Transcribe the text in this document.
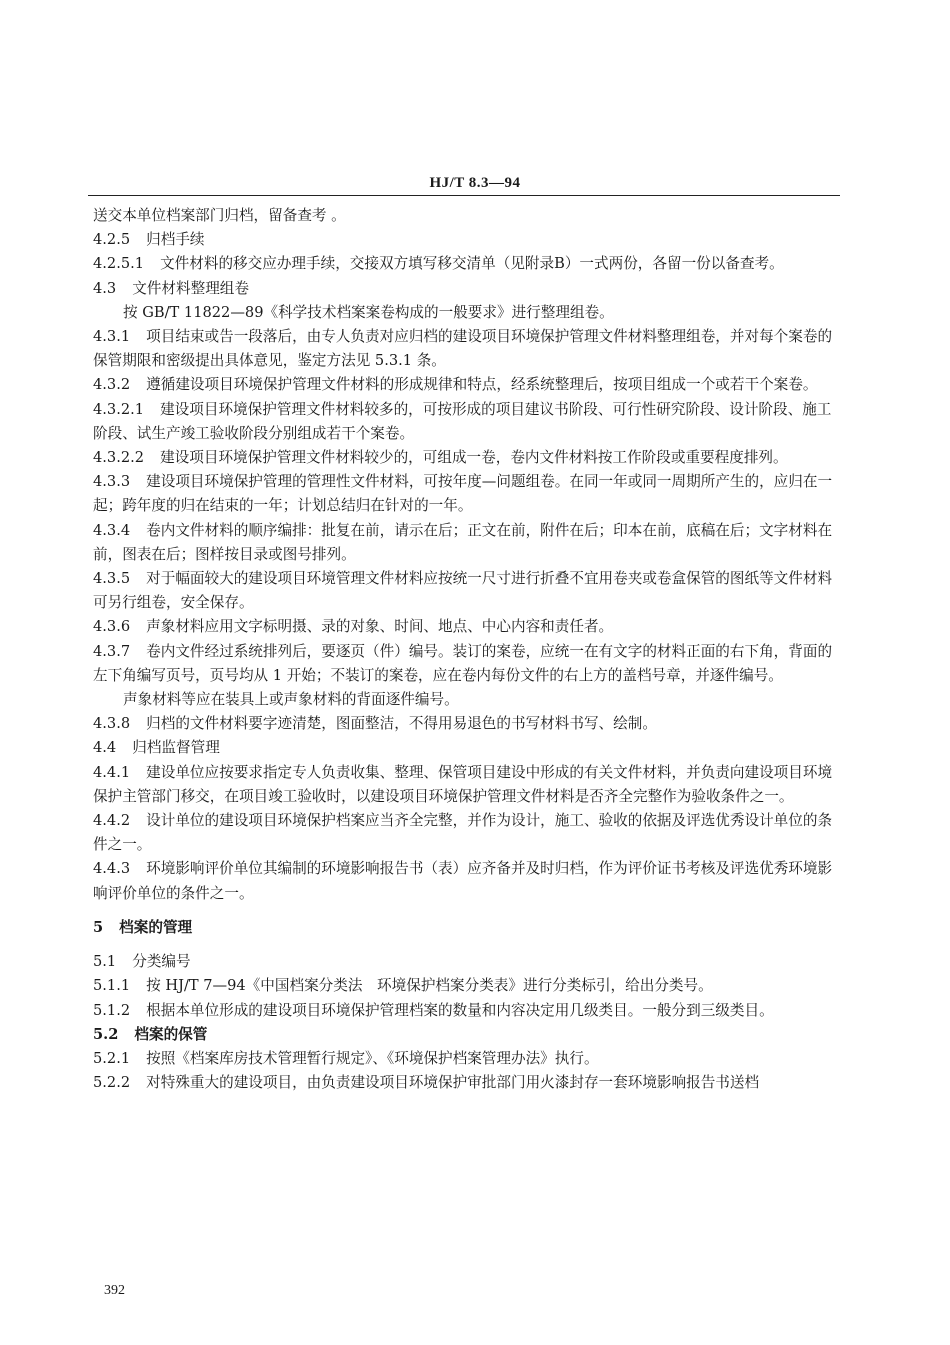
HJ/T 8.3—94

送交本单位档案部门归档，留备查考 。

4.2.5 归档手续

4.2.5.1 文件材料的移交应办理手续，交接双方填写移交清单（见附录B）一式两份，各留一份以备查考。

4.3 文件材料整理组卷

按 GB/T 11822—89《科学技术档案案卷构成的一般要求》进行整理组卷。

4.3.1 项目结束或告一段落后，由专人负责对应归档的建设项目环境保护管理文件材料整理组卷，并对每个案卷的保管期限和密级提出具体意见，鉴定方法见 5.3.1 条。

4.3.2 遵循建设项目环境保护管理文件材料的形成规律和特点，经系统整理后，按项目组成一个或若干个案卷。

4.3.2.1 建设项目环境保护管理文件材料较多的，可按形成的项目建议书阶段、可行性研究阶段、设计阶段、施工阶段、试生产竣工验收阶段分别组成若干个案卷。

4.3.2.2 建设项目环境保护管理文件材料较少的，可组成一卷，卷内文件材料按工作阶段或重要程度排列。

4.3.3 建设项目环境保护管理的管理性文件材料，可按年度—问题组卷。在同一年或同一周期所产生的，应归在一起；跨年度的归在结束的一年；计划总结归在针对的一年。

4.3.4 卷内文件材料的顺序编排：批复在前，请示在后；正文在前，附件在后；印本在前，底稿在后；文字材料在前，图表在后；图样按目录或图号排列。

4.3.5 对于幅面较大的建设项目环境管理文件材料应按统一尺寸进行折叠不宜用卷夹或卷盒保管的图纸等文件材料可另行组卷，安全保存。

4.3.6 声象材料应用文字标明摄、录的对象、时间、地点、中心内容和责任者。

4.3.7 卷内文件经过系统排列后，要逐页（件）编号。装订的案卷，应统一在有文字的材料正面的右下角，背面的左下角编写页号，页号均从 1 开始；不装订的案卷，应在卷内每份文件的右上方的盖档号章，并逐件编号。

声象材料等应在装具上或声象材料的背面逐件编号。

4.3.8 归档的文件材料要字迹清楚，图面整洁，不得用易退色的书写材料书写、绘制。

4.4 归档监督管理

4.4.1 建设单位应按要求指定专人负责收集、整理、保管项目建设中形成的有关文件材料，并负责向建设项目环境保护主管部门移交，在项目竣工验收时，以建设项目环境保护管理文件材料是否齐全完整作为验收条件之一。

4.4.2 设计单位的建设项目环境保护档案应当齐全完整，并作为设计，施工、验收的依据及评选优秀设计单位的条件之一。

4.4.3 环境影响评价单位其编制的环境影响报告书（表）应齐备并及时归档，作为评价证书考核及评选优秀环境影响评价单位的条件之一。

5 档案的管理

5.1 分类编号

5.1.1 按 HJ/T 7—94《中国档案分类法　环境保护档案分类表》进行分类标引，给出分类号。

5.1.2 根据本单位形成的建设项目环境保护管理档案的数量和内容决定用几级类目。一般分到三级类目。

5.2 档案的保管

5.2.1 按照《档案库房技术管理暂行规定》、《环境保护档案管理办法》执行。

5.2.2 对特殊重大的建设项目，由负责建设项目环境保护审批部门用火漆封存一套环境影响报告书送档

392
